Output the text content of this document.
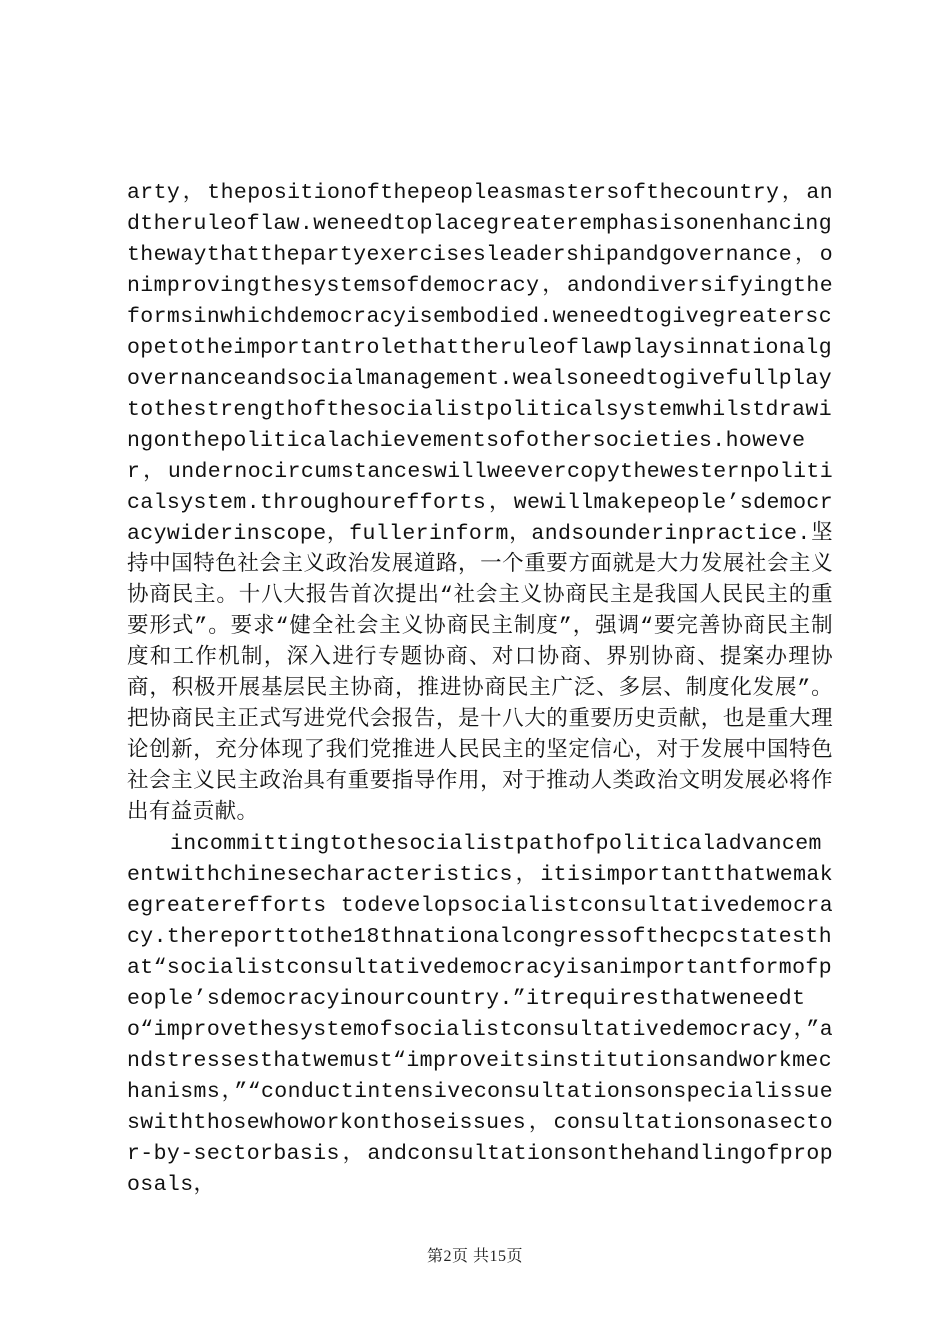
arty，thepositionofthepeopleasmastersofthecountry，andtheruleoflaw.weneedtoplacegreateremphasisonenhancingthewaythatthepartyexercisesleadershipandgovernance，onimprovingthesystemsofdemocracy，andondiversifyingtheformsinwhichdemocracyisembodied.weneedtogivegreaterscopetotheimportantrolethattheruleoflawplaysinnationalgovernanceandsocialmanagement.wealsoneedtogivefullplaytothestrengthofthesocialistpoliticalsystemwhilstdrawingonthepoliticalachievementsofothersocieties.however，undernocircumstanceswillweevercopythewesternpoliticalsystem.throughourefforts，wewillmakepeople’sdemocracywiderinscope，fullerinform，andsounderinpractice.坚持中国特色社会主义政治发展道路，一个重要方面就是大力发展社会主义协商民主。十八大报告首次提出“社会主义协商民主是我国人民民主的重要形式”。要求“健全社会主义协商民主制度”，强调“要完善协商民主制度和工作机制，深入进行专题协商、对口协商、界别协商、提案办理协商，积极开展基层民主协商，推进协商民主广泛、多层、制度化发展”。把协商民主正式写进党代会报告，是十八大的重要历史贡献，也是重大理论创新，充分体现了我们党推进人民民主的坚定信心，对于发展中国特色社会主义民主政治具有重要指导作用，对于推动人类政治文明发展必将作出有益贡献。

incommittingtothesocialistpathofpoliticaladvancementwithchinesecharacteristics，itisimportantthatwemakegreaterefforts todevelopsocialistconsultativedemocracy.thereporttothe18thnationalcongressofthecpcstatesthat“socialistconsultativedemocracyisanimportantformofpeople’sdemocracyinourcountry.”itrequiresthatweneedto“improvethesystemofsocialistconsultativedemocracy，”andstressesthatwemust“improveitsinstitutionsandworkmechanisms，”“conductintensiveconsultationsonspecialissueswiththosewhoworkonthoseissues，consultationsonasector-by-sectorbasis，andconsultationsonthehandlingofproposals，

第2页 共15页
